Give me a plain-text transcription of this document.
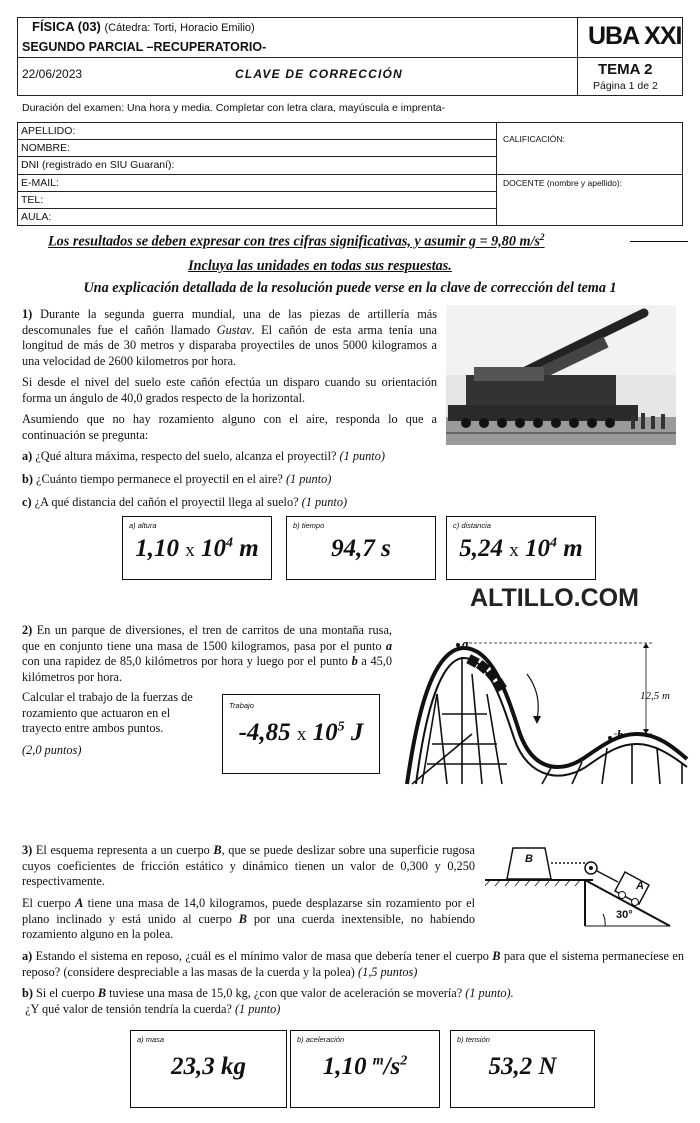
FÍSICA (03) (Cátedra: Torti, Horacio Emilio)
SEGUNDO PARCIAL –RECUPERATORIO-	UBA XXI
22/06/2023	CLAVE DE CORRECCIÓN	TEMA 2
Página 1 de 2
Duración del examen: Una hora y media. Completar con letra clara, mayúscula e imprenta-
APELLIDO:
NOMBRE:
DNI (registrado en SIU Guaraní):
E-MAIL:
TEL:
AULA:
CALIFICACIÓN:
DOCENTE (nombre y apellido):
Los resultados se deben expresar con tres cifras significativas, y asumir g = 9,80 $m/s^2$
Incluya las unidades en todas sus respuestas.
Una explicación detallada de la resolución puede verse en la clave de corrección del tema 1
1) Durante la segunda guerra mundial, una de las piezas de artillería más descomunales fue el cañón llamado Gustav. El cañón de esta arma tenía una longitud de más de 30 metros y disparaba proyectiles de unos 5000 kilogramos a una velocidad de 2600 kilometros por hora.
Si desde el nivel del suelo este cañón efectúa un disparo cuando su orientación forma un ángulo de 40,0 grados respecto de la horizontal.
Asumiendo que no hay rozamiento alguno con el aire, responda lo que a continuación se pregunta:
a) ¿Qué altura máxima, respecto del suelo, alcanza el proyectil? (1 punto)
b) ¿Cuánto tiempo permanece el proyectil en el aire? (1 punto)
c) ¿A qué distancia del cañón el proyectil llega al suelo? (1 punto)
a) altura
1,10 x $10^4$ m
b) tiempo
94,7 s
c) distancia
5,24 x $10^4$ m
ALTILLO.COM
2) En un parque de diversiones, el tren de carritos de una montaña rusa, que en conjunto tiene una masa de 1500 kilogramos, pasa por el punto a con una rapidez de 85,0 kilómetros por hora y luego por el punto b a 45,0 kilómetros por hora.
Calcular el trabajo de la fuerzas de rozamiento que actuaron en el trayecto entre ambos puntos.
(2,0 puntos)
Trabajo
-4,85 x $10^5$ J
a
b
12,5 m
3) El esquema representa a un cuerpo B, que se puede deslizar sobre una superficie rugosa cuyos coeficientes de fricción estático y dinámico tienen un valor de 0,300 y 0,250 respectivamente.
El cuerpo A tiene una masa de 14,0 kilogramos, puede desplazarse sin rozamiento por el plano inclinado y está unido al cuerpo B por una cuerda inextensible, no habiendo rozamiento alguno en la polea.
a) Estando el sistema en reposo, ¿cuál es el mínimo valor de masa que debería tener el cuerpo B para que el sistema permaneciese en reposo? (considere despreciable a las masas de la cuerda y la polea) (1,5 puntos)
b) Si el cuerpo B tuviese una masa de 15,0 kg, ¿con que valor de aceleración se movería? (1 punto).
¿Y qué valor de tensión tendría la cuerda? (1 punto)
B
A
30°
a) masa
23,3 kg
b) aceleración
1,10 $^m/s^2$
b) tensión
53,2 N
